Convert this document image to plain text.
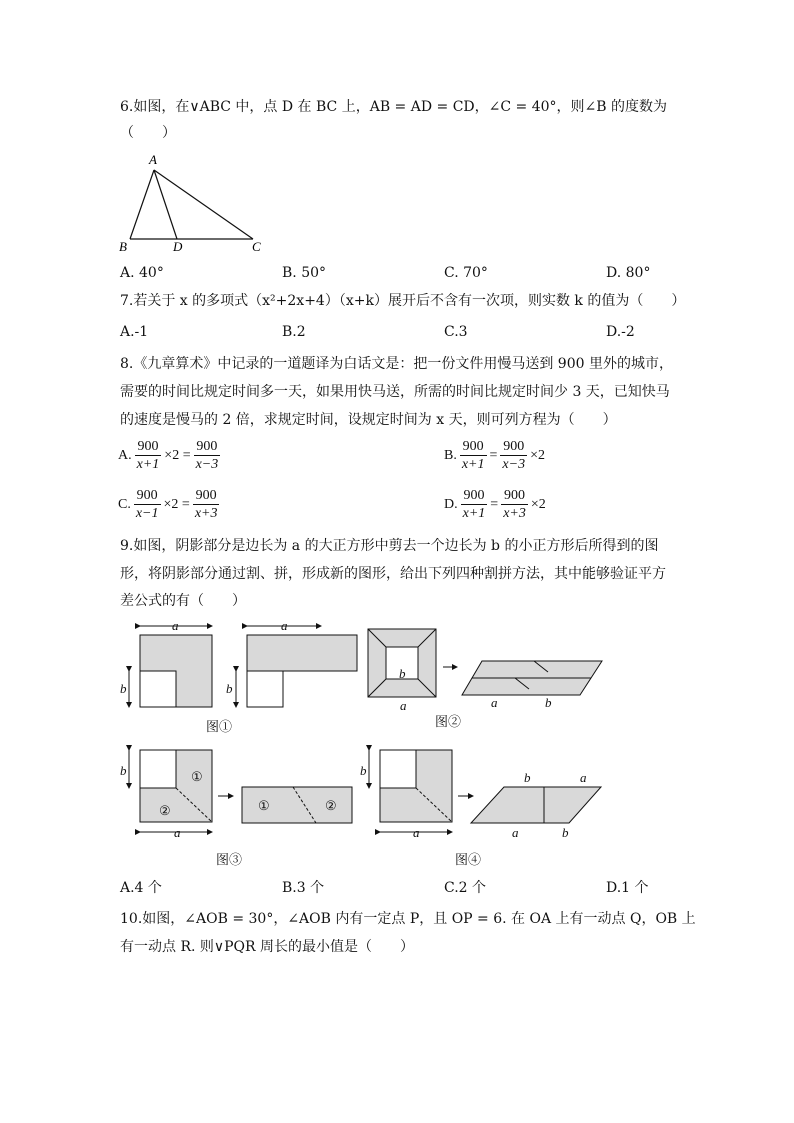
6.如图，在∨ABC 中，点 D 在 BC 上，AB = AD = CD，∠C = 40°，则∠B 的度数为
（　　）
A
B	D	C
A. 40°	B. 50°	C. 70°	D. 80°
7.若关于 x 的多项式（x²+2x+4）（x+k）展开后不含有一次项，则实数 k 的值为（　　）
A.-1	B.2	C.3	D.-2
8.《九章算术》中记录的一道题译为白话文是：把一份文件用慢马送到 900 里外的城市，
需要的时间比规定时间多一天，如果用快马送，所需的时间比规定时间少 3 天，已知快马
的速度是慢马的 2 倍，求规定时间，设规定时间为 x 天，则可列方程为（　　）
A. $\frac{900}{x+1} \times 2 = \frac{900}{x-3}$	B. $\frac{900}{x+1} = \frac{900}{x-3} \times 2$
C. $\frac{900}{x-1} \times 2 = \frac{900}{x+3}$	D. $\frac{900}{x+1} = \frac{900}{x+3} \times 2$
9.如图，阴影部分是边长为 a 的大正方形中剪去一个边长为 b 的小正方形后所得到的图
形，将阴影部分通过割、拼，形成新的图形，给出下列四种割拼方法，其中能够验证平方
差公式的有（　　）
a
b
a
b
图①
b
a	a	b
图②
b	①
②
a
①	②
图③
b
a
b	a
a	b
图④
A.4 个	B.3 个	C.2 个	D.1 个
10.如图，∠AOB = 30°，∠AOB 内有一定点 P，且 OP = 6. 在 OA 上有一动点 Q，OB 上
有一动点 R. 则∨PQR 周长的最小值是（　　）
